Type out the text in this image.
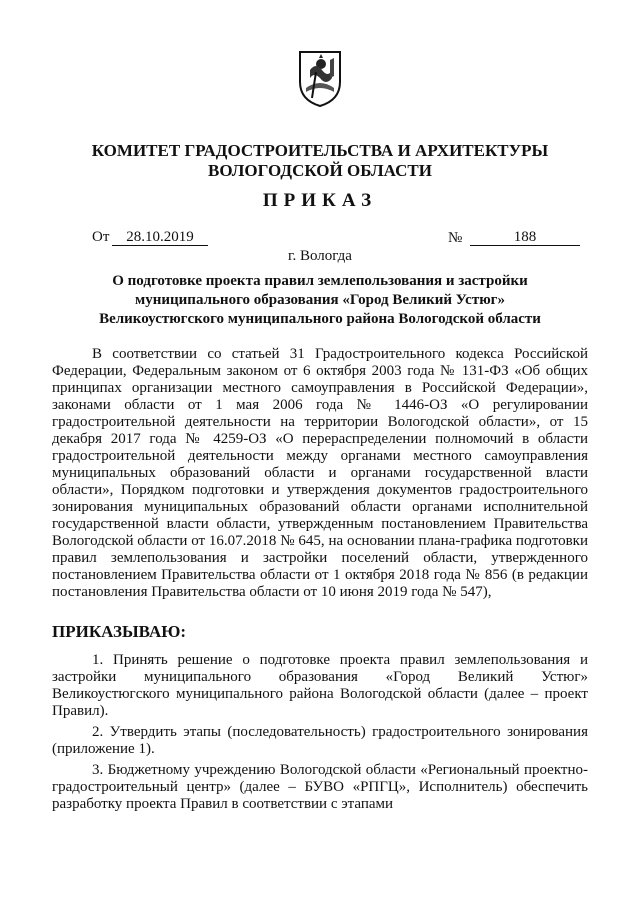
КОМИТЕТ ГРАДОСТРОИТЕЛЬСТВА И АРХИТЕКТУРЫ
ВОЛОГОДСКОЙ ОБЛАСТИ
ПРИКАЗ
От	28.10.2019	№	188
г. Вологда
О подготовке проекта правил землепользования и застройки
муниципального образования «Город Великий Устюг»
Великоустюгского муниципального района Вологодской области

В соответствии со статьей 31 Градостроительного кодекса Российской Федерации, Федеральным законом от 6 октября 2003 года № 131-ФЗ «Об общих принципах организации местного самоуправления в Российской Федерации», законами области от 1 мая 2006 года № 1446-ОЗ «О регулировании градостроительной деятельности на территории Вологодской области», от 15 декабря 2017 года № 4259-ОЗ «О перераспределении полномочий в области градостроительной деятельности между органами местного самоуправления муниципальных образований области и органами государственной власти области», Порядком подготовки и утверждения документов градостроительного зонирования муниципальных образований области органами исполнительной государственной власти области, утвержденным постановлением Правительства Вологодской области от 16.07.2018 № 645, на основании плана-графика подготовки правил землепользования и застройки поселений области, утвержденного постановлением Правительства области от 1 октября 2018 года № 856 (в редакции постановления Правительства области от 10 июня 2019 года № 547),

ПРИКАЗЫВАЮ:

1. Принять решение о подготовке проекта правил землепользования и застройки муниципального образования «Город Великий Устюг» Великоустюгского муниципального района Вологодской области (далее – проект Правил).

2. Утвердить этапы (последовательность) градостроительного зонирования (приложение 1).

3. Бюджетному учреждению Вологодской области «Региональный проектно-градостроительный центр» (далее – БУВО «РПГЦ», Исполнитель) обеспечить разработку проекта Правил в соответствии с этапами
